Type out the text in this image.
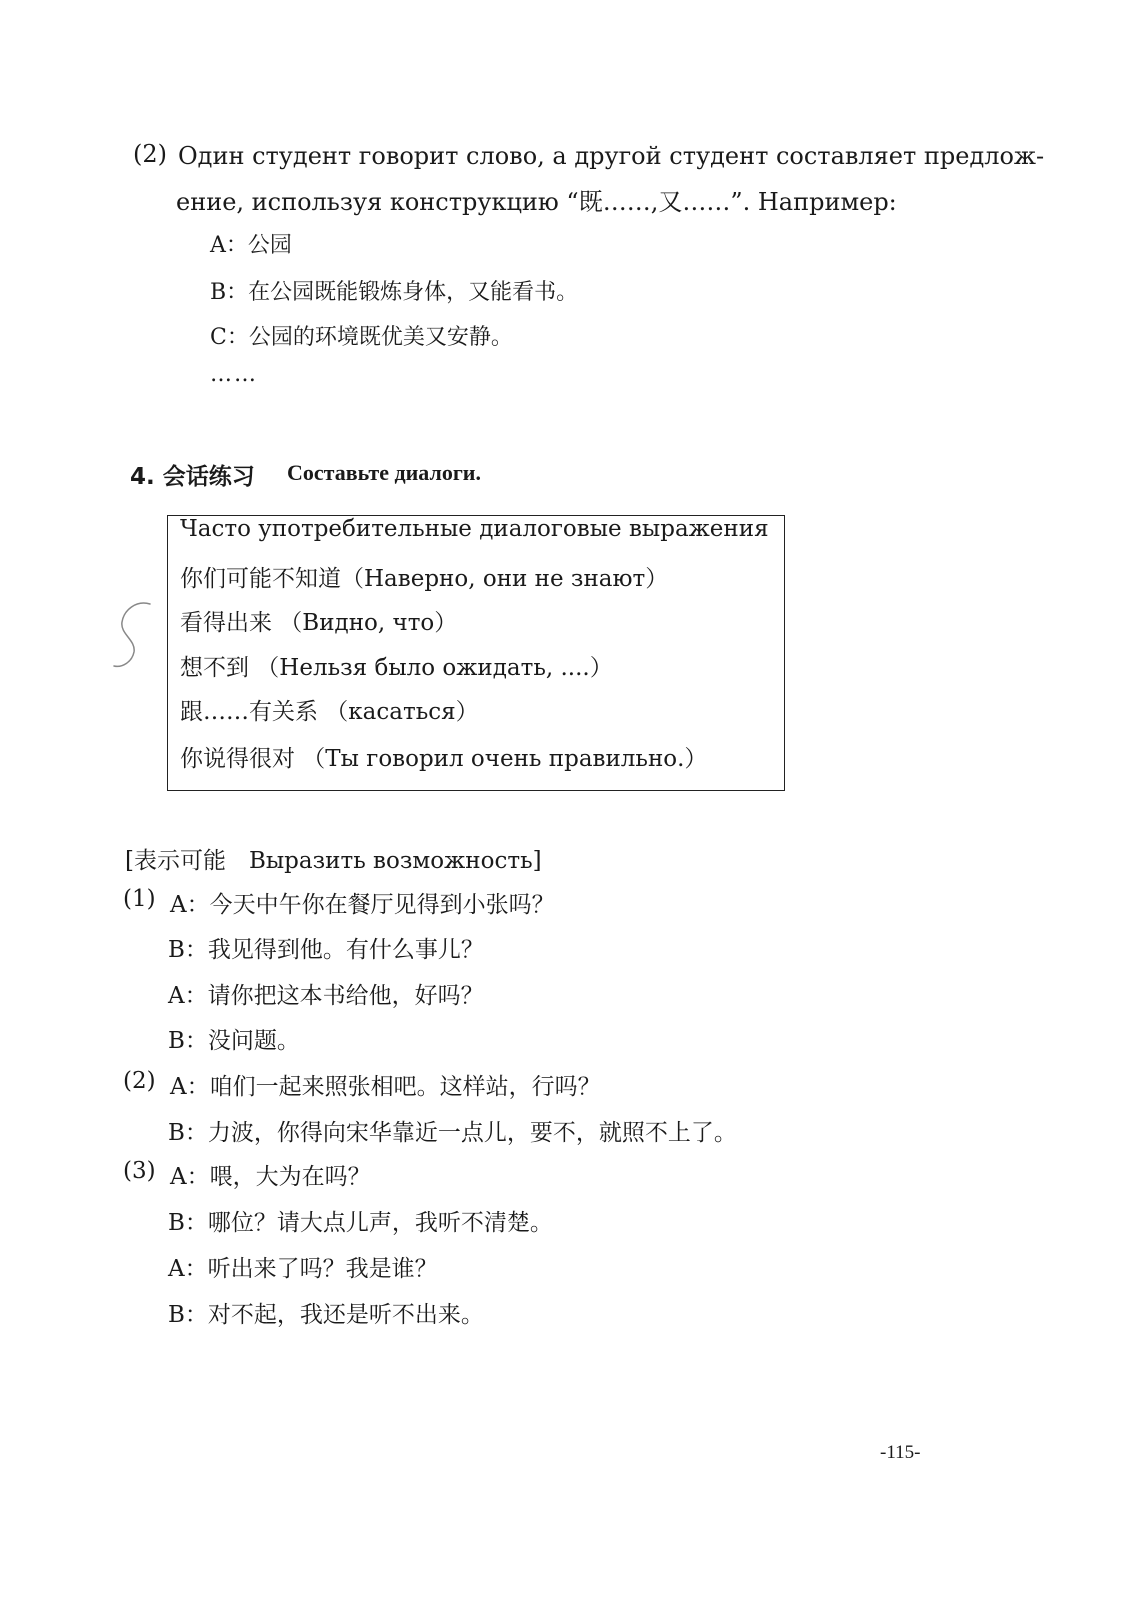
(2) Один студент говорит слово, а другой студент составляет предлож-
ение, используя конструкцию “既……,又……”. Например:
A：公园
B：在公园既能锻炼身体，又能看书。
C：公园的环境既优美又安静。
……
4. 会话练习 Составьте диалоги.
Часто употребительные диалоговые выражения
你们可能不知道（Наверно, они не знают）
看得出来 （Видно, что）
想不到 （Нельзя было ожидать, ....）
跟……有关系 （касаться）
你说得很对 （Ты говорил очень правильно.）
[表示可能　Выразить возможность]
(1) A：今天中午你在餐厅见得到小张吗？
B：我见得到他。有什么事儿？
A：请你把这本书给他，好吗？
B：没问题。
(2) A：咱们一起来照张相吧。这样站，行吗？
B：力波，你得向宋华靠近一点儿，要不，就照不上了。
(3) A：喂，大为在吗？
B：哪位？请大点儿声，我听不清楚。
A：听出来了吗？我是谁？
B：对不起，我还是听不出来。
-115-
